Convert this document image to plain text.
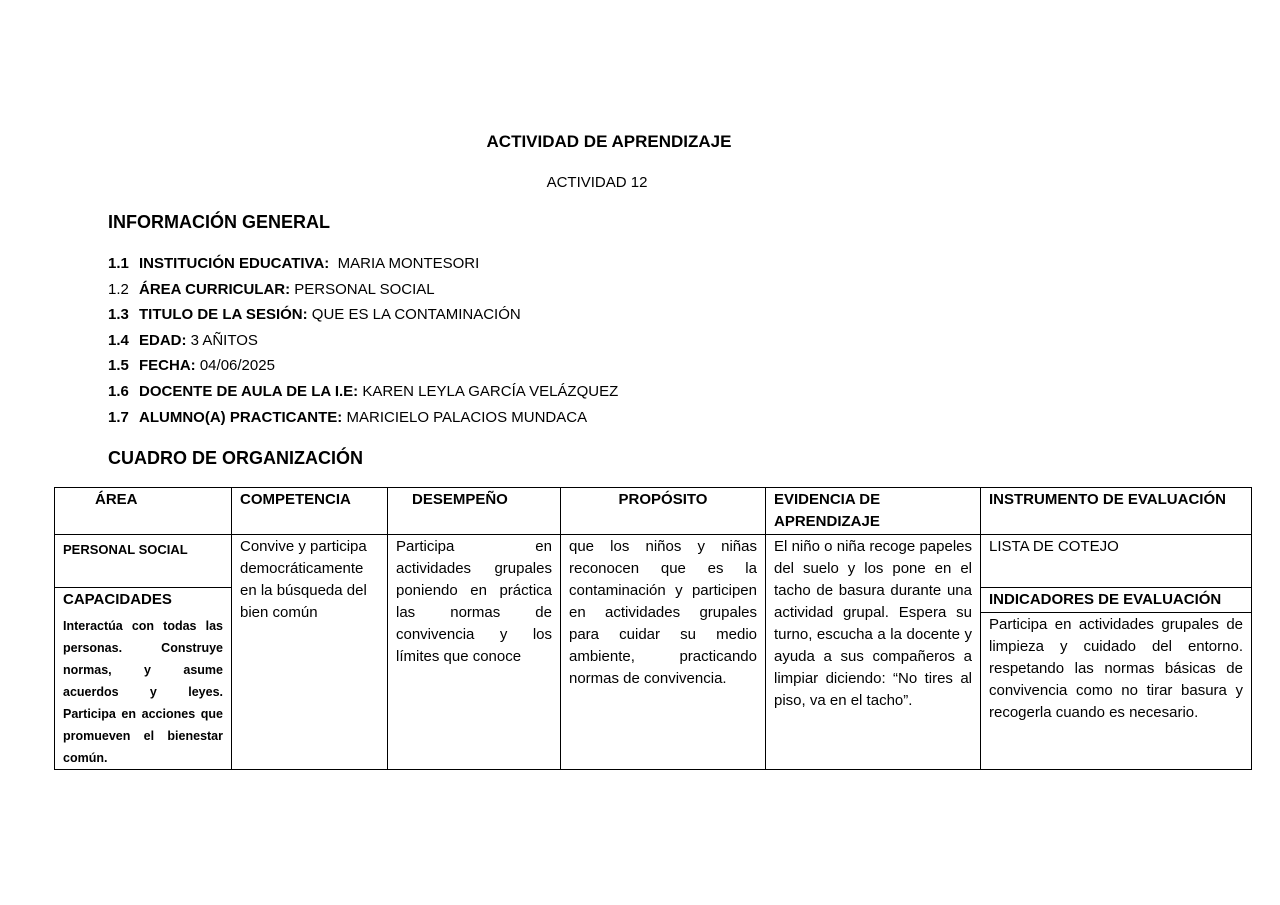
ACTIVIDAD DE APRENDIZAJE
ACTIVIDAD 12
INFORMACIÓN GENERAL
1.1 INSTITUCIÓN EDUCATIVA:  MARIA MONTESORI
1.2 ÁREA CURRICULAR: PERSONAL SOCIAL
1.3 TITULO DE LA SESIÓN: QUE ES LA CONTAMINACIÓN
1.4 EDAD: 3 AÑITOS
1.5 FECHA: 04/06/2025
1.6 DOCENTE DE AULA DE LA I.E: KAREN LEYLA GARCÍA VELÁZQUEZ
1.7 ALUMNO(A) PRACTICANTE: MARICIELO PALACIOS MUNDACA
CUADRO DE ORGANIZACIÓN
ÁREA	COMPETENCIA	DESEMPEÑO	PROPÓSITO	EVIDENCIA DE APRENDIZAJE	INSTRUMENTO DE EVALUACIÓN
PERSONAL SOCIAL	Convive y participa democráticamente en la búsqueda del bien común	Participa en actividades grupales poniendo en práctica las normas de convivencia y los límites que conoce	que los niños y niñas reconocen que es la contaminación y participen en actividades grupales para cuidar su medio ambiente, practicando normas de convivencia.	El niño o niña recoge papeles del suelo y los pone en el tacho de basura durante una actividad grupal. Espera su turno, escucha a la docente y ayuda a sus compañeros a limpiar diciendo: “No tires al piso, va en el tacho”.	LISTA DE COTEJO
CAPACIDADES					INDICADORES DE EVALUACIÓN
Interactúa con todas las personas. Construye normas, y asume acuerdos y leyes. Participa en acciones que promueven el bienestar común.					Participa en actividades grupales de limpieza y cuidado del entorno. respetando las normas básicas de convivencia como no tirar basura y recogerla cuando es necesario.
